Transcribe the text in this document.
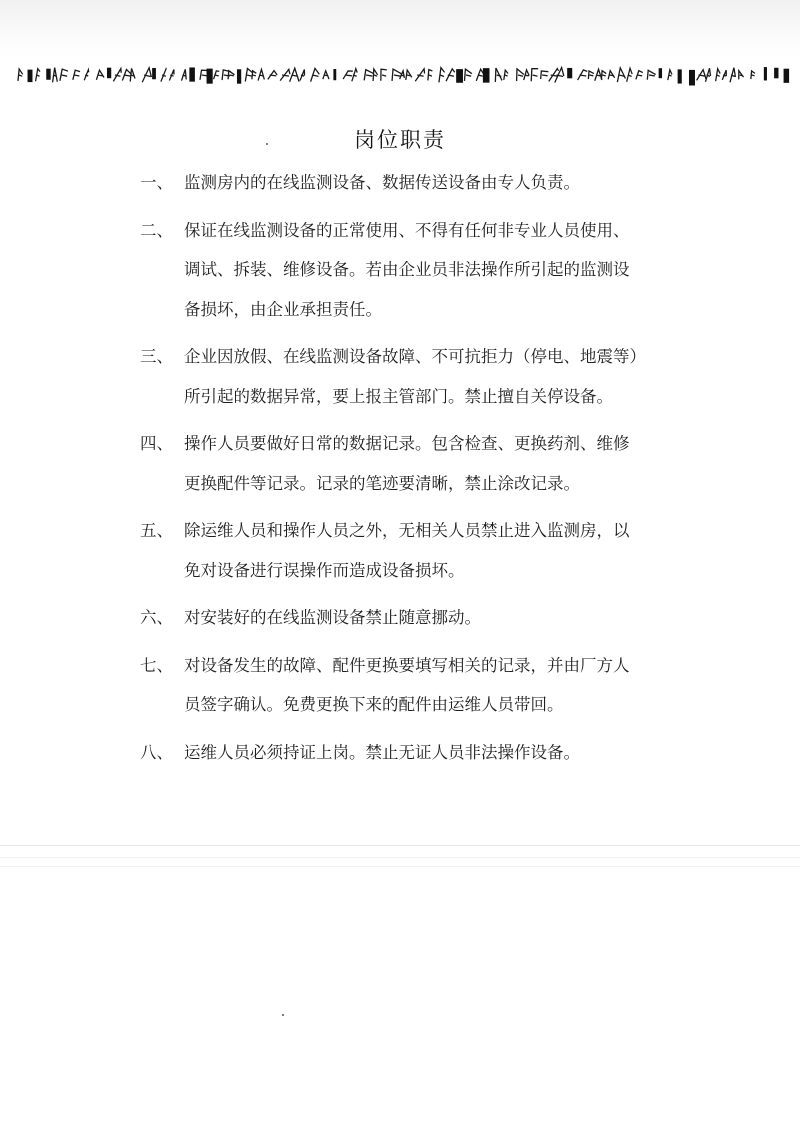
岗位职责
一、 监测房内的在线监测设备、数据传送设备由专人负责。
二、 保证在线监测设备的正常使用、不得有任何非专业人员使用、
调试、拆装、维修设备。若由企业员非法操作所引起的监测设
备损坏，由企业承担责任。
三、 企业因放假、在线监测设备故障、不可抗拒力（停电、地震等）
所引起的数据异常，要上报主管部门。禁止擅自关停设备。
四、 操作人员要做好日常的数据记录。包含检查、更换药剂、维修
更换配件等记录。记录的笔迹要清晰，禁止涂改记录。
五、 除运维人员和操作人员之外，无相关人员禁止进入监测房，以
免对设备进行误操作而造成设备损坏。
六、 对安装好的在线监测设备禁止随意挪动。
七、 对设备发生的故障、配件更换要填写相关的记录，并由厂方人
员签字确认。免费更换下来的配件由运维人员带回。
八、 运维人员必须持证上岗。禁止无证人员非法操作设备。
